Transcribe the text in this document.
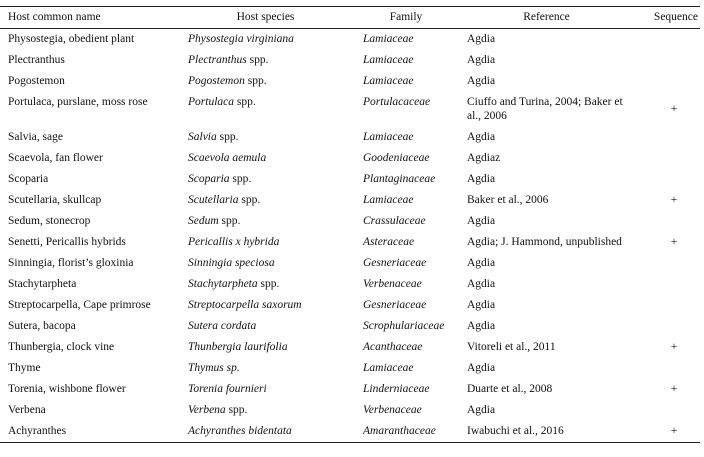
Host common name	Host species	Family	Reference	Sequence
Physostegia, obedient plant	Physostegia virginiana	Lamiaceae	Agdia	
Plectranthus	Plectranthus spp.	Lamiaceae	Agdia	
Pogostemon	Pogostemon spp.	Lamiaceae	Agdia	
Portulaca, purslane, moss rose	Portulaca spp.	Portulacaceae	Ciuffo and Turina, 2004; Baker et al., 2006	+
Salvia, sage	Salvia spp.	Lamiaceae	Agdia	
Scaevola, fan flower	Scaevola aemula	Goodeniaceae	Agdiaz	
Scoparia	Scoparia spp.	Plantaginaceae	Agdia	
Scutellaria, skullcap	Scutellaria spp.	Lamiaceae	Baker et al., 2006	+
Sedum, stonecrop	Sedum spp.	Crassulaceae	Agdia	
Senetti, Pericallis hybrids	Pericallis x hybrida	Asteraceae	Agdia; J. Hammond, unpublished	+
Sinningia, florist’s gloxinia	Sinningia speciosa	Gesneriaceae	Agdia	
Stachytarpheta	Stachytarpheta spp.	Verbenaceae	Agdia	
Streptocarpella, Cape primrose	Streptocarpella saxorum	Gesneriaceae	Agdia	
Sutera, bacopa	Sutera cordata	Scrophulariaceae	Agdia	
Thunbergia, clock vine	Thunbergia laurifolia	Acanthaceae	Vitoreli et al., 2011	+
Thyme	Thymus sp.	Lamiaceae	Agdia	
Torenia, wishbone flower	Torenia fournieri	Linderniaceae	Duarte et al., 2008	+
Verbena	Verbena spp.	Verbenaceae	Agdia	
Achyranthes	Achyranthes bidentata	Amaranthaceae	Iwabuchi et al., 2016	+
